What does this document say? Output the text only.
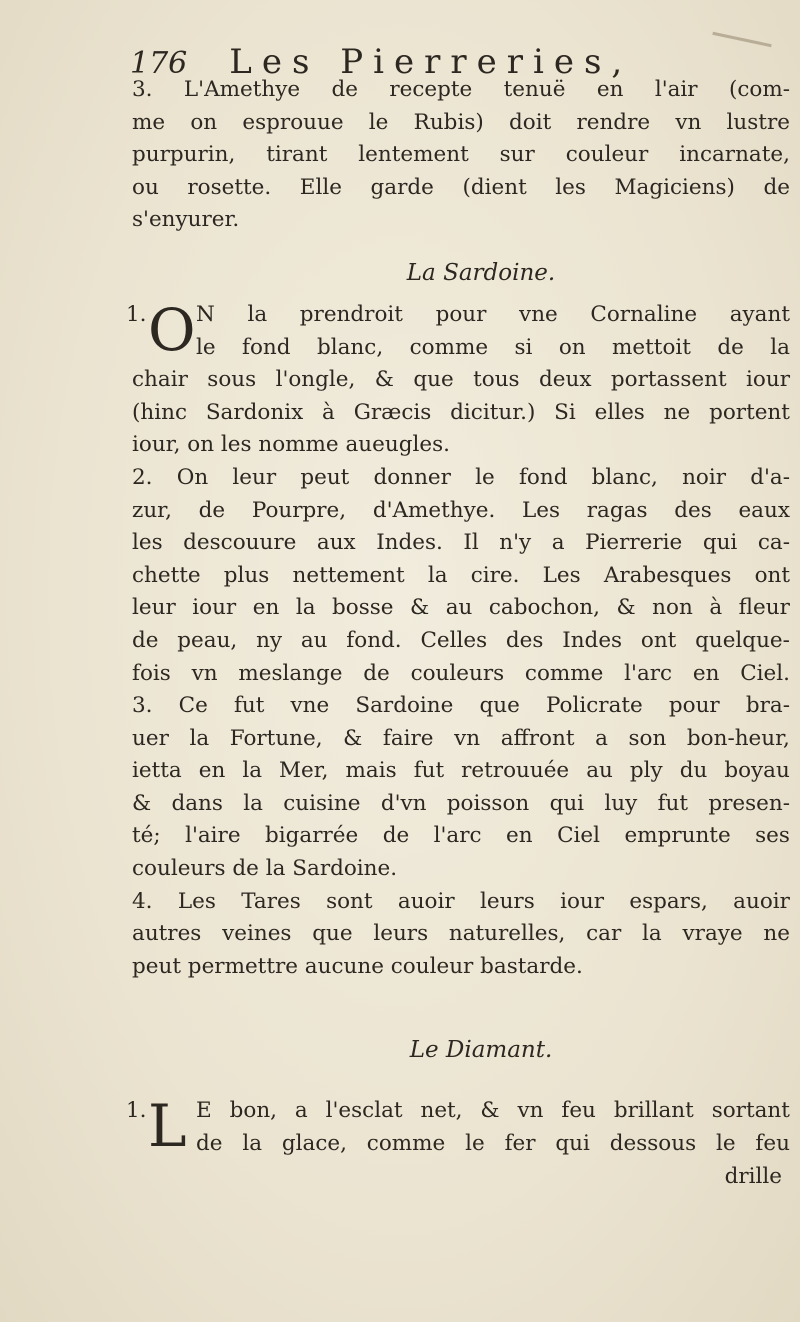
176 Les Pierreries,
3. L'Amethye de recepte tenuë en l'air (com-
me on esprouue le Rubis) doit rendre vn lustre
purpurin, tirant lentement sur couleur incarnate,
ou rosette. Elle garde (dient les Magiciens) de
s'enyurer.
La Sardoine.
1. O N la prendroit pour vne Cornaline ayant
le fond blanc, comme si on mettoit de la
chair sous l'ongle, & que tous deux portassent iour
(hinc Sardonix à Græcis dicitur.) Si elles ne portent
iour, on les nomme aueugles.
2. On leur peut donner le fond blanc, noir d'a-
zur, de Pourpre, d'Amethye. Les ragas des eaux
les descouure aux Indes. Il n'y a Pierrerie qui ca-
chette plus nettement la cire. Les Arabesques ont
leur iour en la bosse & au cabochon, & non à fleur
de peau, ny au fond. Celles des Indes ont quelque-
fois vn meslange de couleurs comme l'arc en Ciel.
3. Ce fut vne Sardoine que Policrate pour bra-
uer la Fortune, & faire vn affront a son bon-heur,
ietta en la Mer, mais fut retrouuée au ply du boyau
& dans la cuisine d'vn poisson qui luy fut presen-
té; l'aire bigarrée de l'arc en Ciel emprunte ses
couleurs de la Sardoine.
4. Les Tares sont auoir leurs iour espars, auoir
autres veines que leurs naturelles, car la vraye ne
peut permettre aucune couleur bastarde.
Le Diamant.
1. L E bon, a l'esclat net, & vn feu brillant sortant
de la glace, comme le fer qui dessous le feu
drille
